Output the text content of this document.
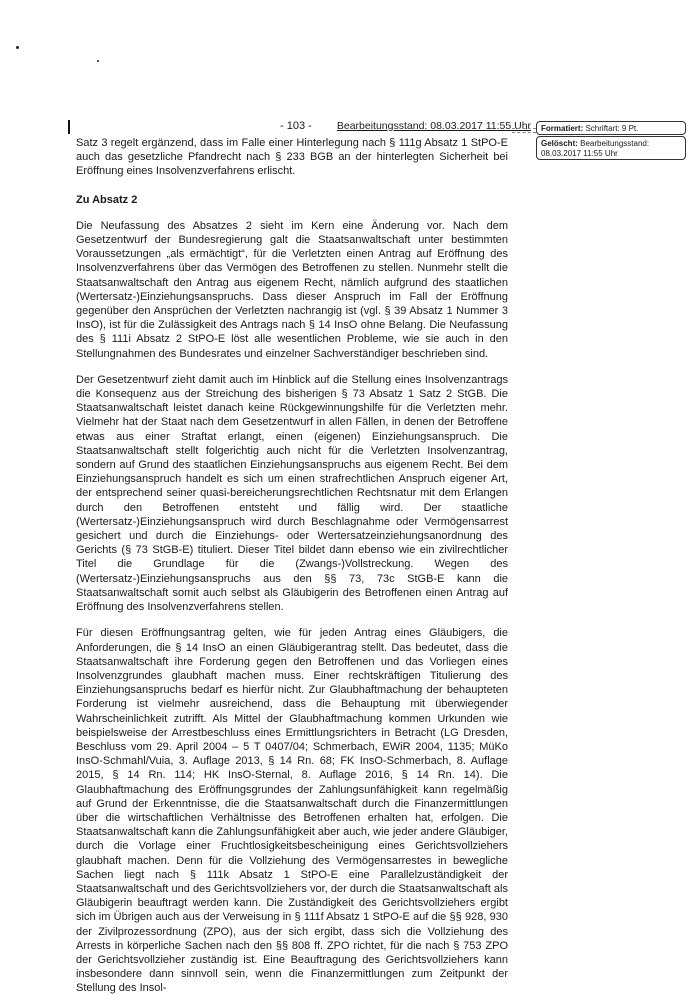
- 103 - Bearbeitungsstand: 08.03.2017 11:55 Uhr	Formatiert: Schriftart: 9 Pt.
Gelöscht: Bearbeitungsstand: 08.03.2017 11:55 Uhr

Satz 3 regelt ergänzend, dass im Falle einer Hinterlegung nach § 111g Absatz 1 StPO-E auch das gesetzliche Pfandrecht nach § 233 BGB an der hinterlegten Sicherheit bei Eröffnung eines Insolvenzverfahrens erlischt.

Zu Absatz 2

Die Neufassung des Absatzes 2 sieht im Kern eine Änderung vor. Nach dem Gesetzentwurf der Bundesregierung galt die Staatsanwaltschaft unter bestimmten Voraussetzungen „als ermächtigt“, für die Verletzten einen Antrag auf Eröffnung des Insolvenzverfahrens über das Vermögen des Betroffenen zu stellen. Nunmehr stellt die Staatsanwaltschaft den Antrag aus eigenem Recht, nämlich aufgrund des staatlichen (Wertersatz-)Einziehungsanspruchs. Dass dieser Anspruch im Fall der Eröffnung gegenüber den Ansprüchen der Verletzten nachrangig ist (vgl. § 39 Absatz 1 Nummer 3 InsO), ist für die Zulässigkeit des Antrags nach § 14 InsO ohne Belang. Die Neufassung des § 111i Absatz 2 StPO-E löst alle wesentlichen Probleme, wie sie auch in den Stellungnahmen des Bundesrates und einzelner Sachverständiger beschrieben sind.

Der Gesetzentwurf zieht damit auch im Hinblick auf die Stellung eines Insolvenzantrags die Konsequenz aus der Streichung des bisherigen § 73 Absatz 1 Satz 2 StGB. Die Staatsanwaltschaft leistet danach keine Rückgewinnungshilfe für die Verletzten mehr. Vielmehr hat der Staat nach dem Gesetzentwurf in allen Fällen, in denen der Betroffene etwas aus einer Straftat erlangt, einen (eigenen) Einziehungsanspruch. Die Staatsanwaltschaft stellt folgerichtig auch nicht für die Verletzten Insolvenzantrag, sondern auf Grund des staatlichen Einziehungsanspruchs aus eigenem Recht. Bei dem Einziehungsanspruch handelt es sich um einen strafrechtlichen Anspruch eigener Art, der entsprechend seiner quasi-bereicherungsrechtlichen Rechtsnatur mit dem Erlangen durch den Betroffenen entsteht und fällig wird. Der staatliche (Wertersatz-)Einziehungsanspruch wird durch Beschlagnahme oder Vermögensarrest gesichert und durch die Einziehungs- oder Wertersatzeinziehungsanordnung des Gerichts (§ 73 StGB-E) tituliert. Dieser Titel bildet dann ebenso wie ein zivilrechtlicher Titel die Grundlage für die (Zwangs-)Vollstreckung. Wegen des (Wertersatz-)Einziehungsanspruchs aus den §§ 73, 73c StGB-E kann die Staatsanwaltschaft somit auch selbst als Gläubigerin des Betroffenen einen Antrag auf Eröffnung des Insolvenzverfahrens stellen.

Für diesen Eröffnungsantrag gelten, wie für jeden Antrag eines Gläubigers, die Anforderungen, die § 14 InsO an einen Gläubigerantrag stellt. Das bedeutet, dass die Staatsanwaltschaft ihre Forderung gegen den Betroffenen und das Vorliegen eines Insolvenzgrundes glaubhaft machen muss. Einer rechtskräftigen Titulierung des Einziehungsanspruchs bedarf es hierfür nicht. Zur Glaubhaftmachung der behaupteten Forderung ist vielmehr ausreichend, dass die Behauptung mit überwiegender Wahrscheinlichkeit zutrifft. Als Mittel der Glaubhaftmachung kommen Urkunden wie beispielsweise der Arrestbeschluss eines Ermittlungsrichters in Betracht (LG Dresden, Beschluss vom 29. April 2004 – 5 T 0407/04; Schmerbach, EWiR 2004, 1135; MüKo InsO-Schmahl/Vuia, 3. Auflage 2013, § 14 Rn. 68; FK InsO-Schmerbach, 8. Auflage 2015, § 14 Rn. 114; HK InsO-Sternal, 8. Auflage 2016, § 14 Rn. 14). Die Glaubhaftmachung des Eröffnungsgrundes der Zahlungsunfähigkeit kann regelmäßig auf Grund der Erkenntnisse, die die Staatsanwaltschaft durch die Finanzermittlungen über die wirtschaftlichen Verhältnisse des Betroffenen erhalten hat, erfolgen. Die Staatsanwaltschaft kann die Zahlungsunfähigkeit aber auch, wie jeder andere Gläubiger, durch die Vorlage einer Fruchtlosigkeitsbescheinigung eines Gerichtsvollziehers glaubhaft machen. Denn für die Vollziehung des Vermögensarrestes in bewegliche Sachen liegt nach § 111k Absatz 1 StPO-E eine Parallelzuständigkeit der Staatsanwaltschaft und des Gerichtsvollziehers vor, der durch die Staatsanwaltschaft als Gläubigerin beauftragt werden kann. Die Zuständigkeit des Gerichtsvollziehers ergibt sich im Übrigen auch aus der Verweisung in § 111f Absatz 1 StPO-E auf die §§ 928, 930 der Zivilprozessordnung (ZPO), aus der sich ergibt, dass sich die Vollziehung des Arrests in körperliche Sachen nach den §§ 808 ff. ZPO richtet, für die nach § 753 ZPO der Gerichtsvollzieher zuständig ist. Eine Beauftragung des Gerichtsvollziehers kann insbesondere dann sinnvoll sein, wenn die Finanzermittlungen zum Zeitpunkt der Stellung des Insol-
